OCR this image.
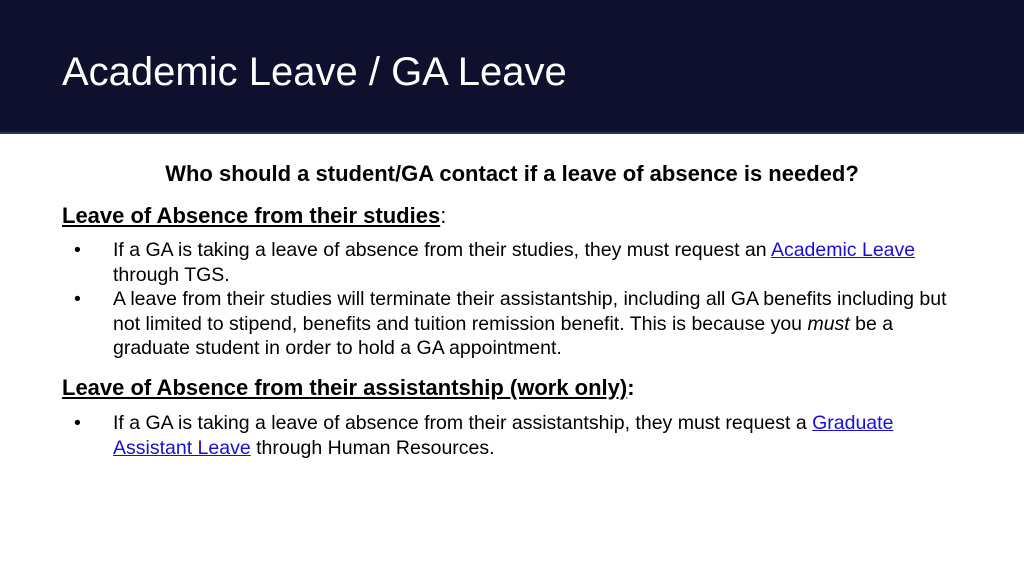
Academic Leave / GA Leave

Who should a student/GA contact if a leave of absence is needed?

Leave of Absence from their studies:

• If a GA is taking a leave of absence from their studies, they must request an Academic Leave through TGS.
• A leave from their studies will terminate their assistantship, including all GA benefits including but not limited to stipend, benefits and tuition remission benefit. This is because you must be a graduate student in order to hold a GA appointment.

Leave of Absence from their assistantship (work only):

• If a GA is taking a leave of absence from their assistantship, they must request a Graduate Assistant Leave through Human Resources.
